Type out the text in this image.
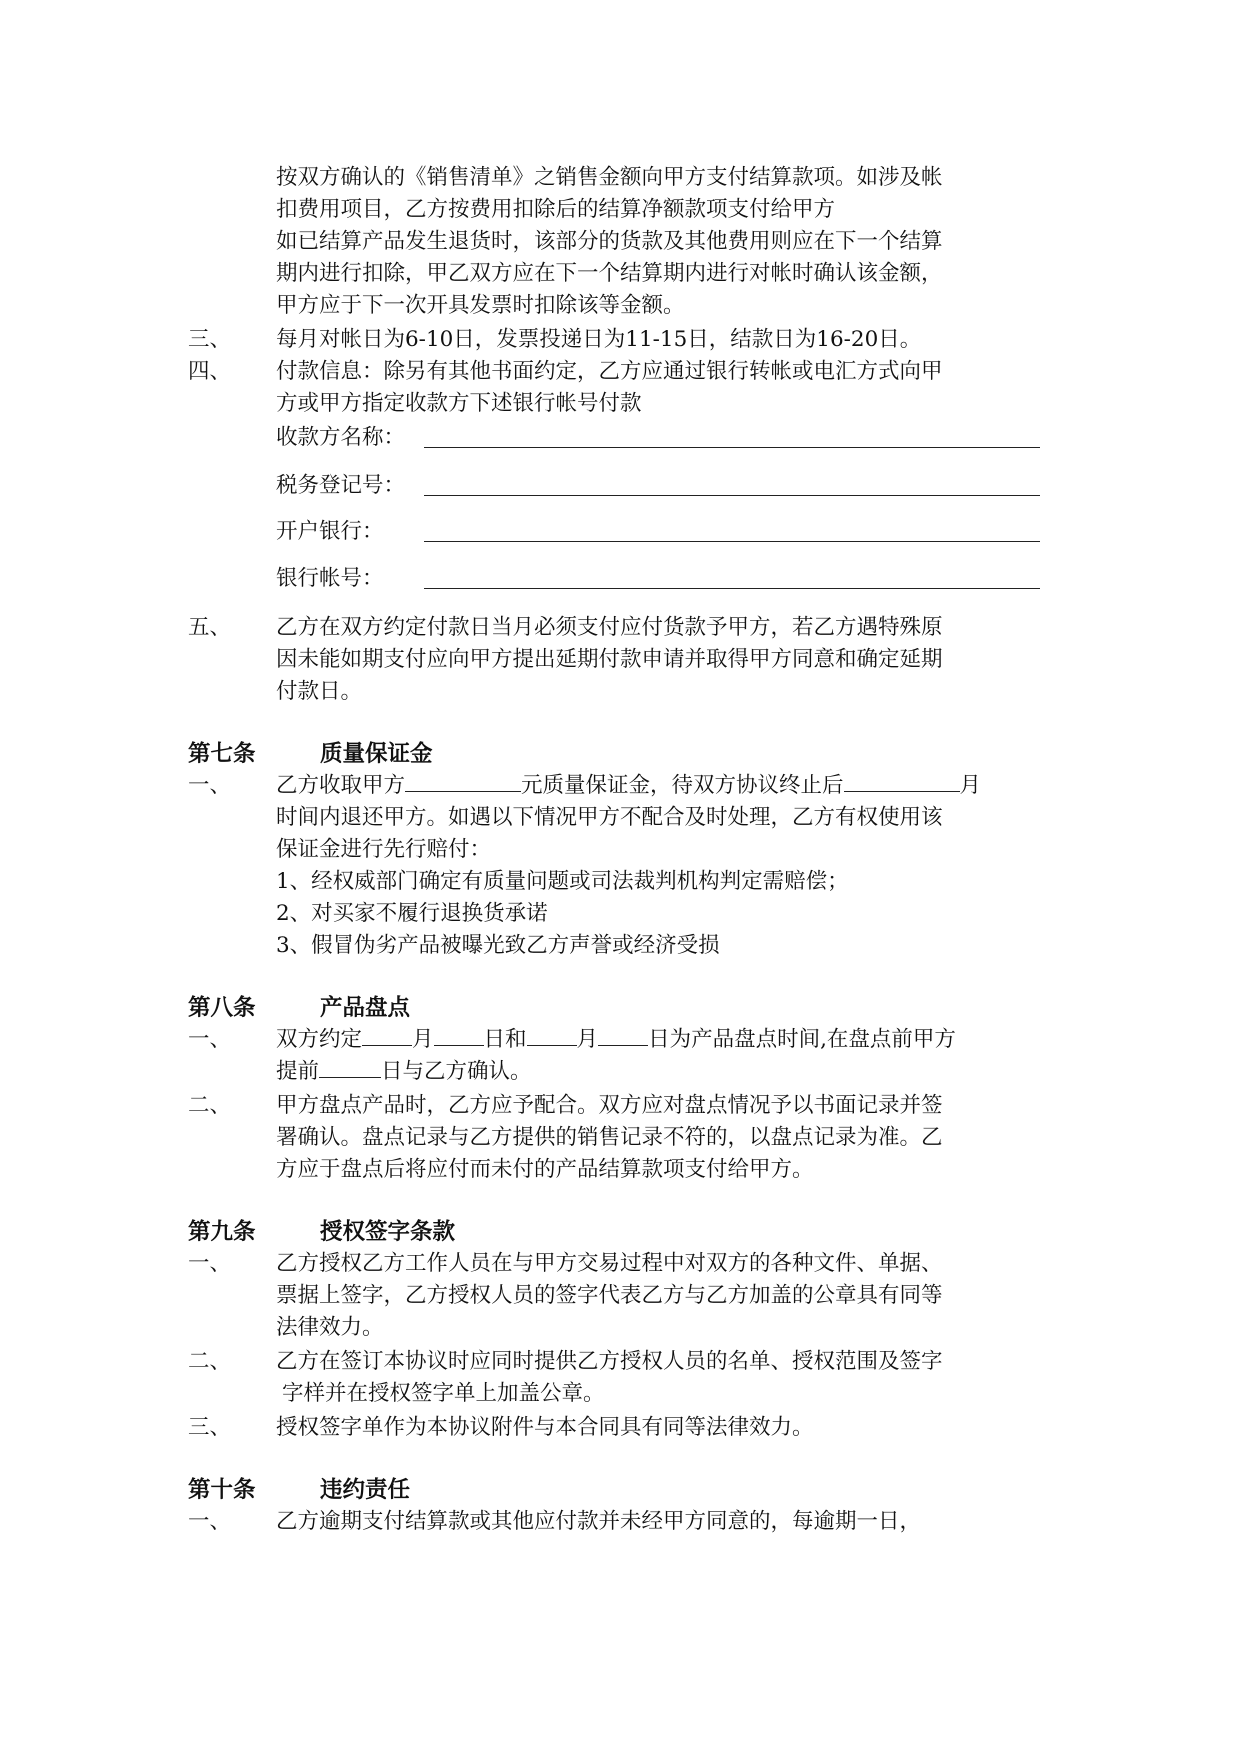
按双方确认的《销售清单》之销售金额向甲方支付结算款项。如涉及帐
扣费用项目，乙方按费用扣除后的结算净额款项支付给甲方
如已结算产品发生退货时，该部分的货款及其他费用则应在下一个结算
期内进行扣除，甲乙双方应在下一个结算期内进行对帐时确认该金额，
甲方应于下一次开具发票时扣除该等金额。
三、 每月对帐日为6-10日，发票投递日为11-15日，结款日为16-20日。
四、 付款信息：除另有其他书面约定，乙方应通过银行转帐或电汇方式向甲
方或甲方指定收款方下述银行帐号付款
收款方名称：
税务登记号：
开户银行：
银行帐号：
五、 乙方在双方约定付款日当月必须支付应付货款予甲方，若乙方遇特殊原
因未能如期支付应向甲方提出延期付款申请并取得甲方同意和确定延期
付款日。
第七条	质量保证金
一、 乙方收取甲方	元质量保证金，待双方协议终止后	月
时间内退还甲方。如遇以下情况甲方不配合及时处理，乙方有权使用该
保证金进行先行赔付：
1、经权威部门确定有质量问题或司法裁判机构判定需赔偿；
2、对买家不履行退换货承诺
3、假冒伪劣产品被曝光致乙方声誉或经济受损
第八条	产品盘点
一、 双方约定 月 日和 月 日为产品盘点时间,在盘点前甲方
提前	日与乙方确认。
二、 甲方盘点产品时，乙方应予配合。双方应对盘点情况予以书面记录并签
署确认。盘点记录与乙方提供的销售记录不符的，以盘点记录为准。乙
方应于盘点后将应付而未付的产品结算款项支付给甲方。
第九条	授权签字条款
一、 乙方授权乙方工作人员在与甲方交易过程中对双方的各种文件、单据、
票据上签字，乙方授权人员的签字代表乙方与乙方加盖的公章具有同等
法律效力。
二、 乙方在签订本协议时应同时提供乙方授权人员的名单、授权范围及签字
字样并在授权签字单上加盖公章。
三、 授权签字单作为本协议附件与本合同具有同等法律效力。
第十条	违约责任
一、 乙方逾期支付结算款或其他应付款并未经甲方同意的，每逾期一日，
